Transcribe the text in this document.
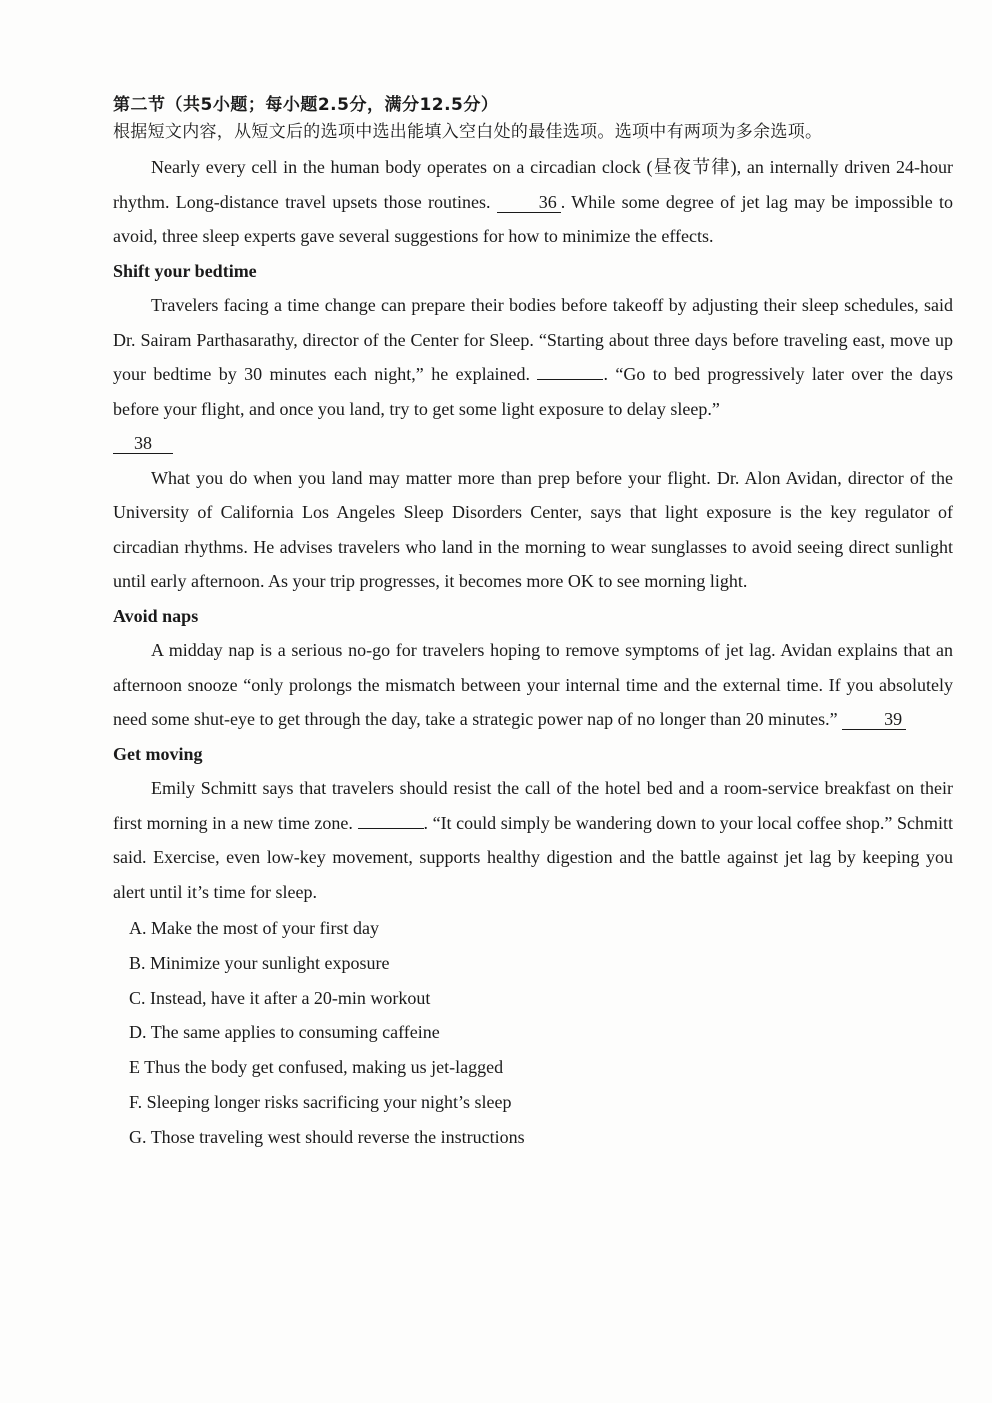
第二节（共5小题；每小题2.5分，满分12.5分）
根据短文内容，从短文后的选项中选出能填入空白处的最佳选项。选项中有两项为多余选项。

Nearly every cell in the human body operates on a circadian clock (昼夜节律), an internally driven 24-hour rhythm. Long-distance travel upsets those routines.	36 . While some degree of jet lag may be impossible to avoid, three sleep experts gave several suggestions for how to minimize the effects.

Shift your bedtime

Travelers facing a time change can prepare their bodies before takeoff by adjusting their sleep schedules, said Dr. Sairam Parthasarathy, director of the Center for Sleep. “Starting about three days before traveling east, move up your bedtime by 30 minutes each night,” he explained.	. “Go to bed progressively later over the days before your flight, and once you land, try to get some light exposure to delay sleep.”

38

What you do when you land may matter more than prep before your flight. Dr. Alon Avidan, director of the University of California Los Angeles Sleep Disorders Center, says that light exposure is the key regulator of circadian rhythms. He advises travelers who land in the morning to wear sunglasses to avoid seeing direct sunlight until early afternoon. As your trip progresses, it becomes more OK to see morning light.

Avoid naps

A midday nap is a serious no-go for travelers hoping to remove symptoms of jet lag. Avidan explains that an afternoon snooze “only prolongs the mismatch between your internal time and the external time. If you absolutely need some shut-eye to get through the day, take a strategic power nap of no longer than 20 minutes.”	39

Get moving

Emily Schmitt says that travelers should resist the call of the hotel bed and a room-service breakfast on their first morning in a new time zone.	. “It could simply be wandering down to your local coffee shop.” Schmitt said. Exercise, even low-key movement, supports healthy digestion and the battle against jet lag by keeping you alert until it’s time for sleep.

A. Make the most of your first day
B. Minimize your sunlight exposure
C. Instead, have it after a 20-min workout
D. The same applies to consuming caffeine
E Thus the body get confused, making us jet-lagged
F. Sleeping longer risks sacrificing your night’s sleep
G. Those traveling west should reverse the instructions
